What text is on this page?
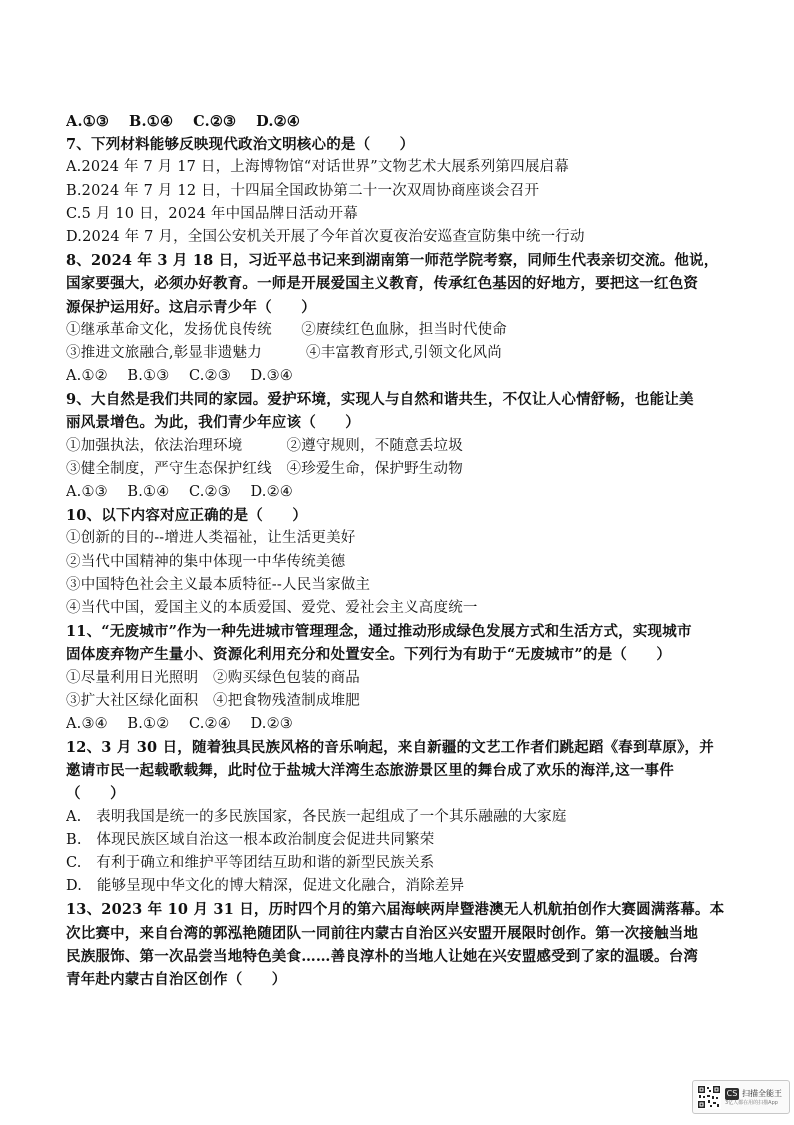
A.①③　 B.①④　 C.②③　 D.②④
7、下列材料能够反映现代政治文明核心的是（　　）
A.2024 年 7 月 17 日，上海博物馆“对话世界”文物艺术大展系列第四展启幕
B.2024 年 7 月 12 日，十四届全国政协第二十一次双周协商座谈会召开
C.5 月 10 日，2024 年中国品牌日活动开幕
D.2024 年 7 月，全国公安机关开展了今年首次夏夜治安巡查宣防集中统一行动
8、2024 年 3 月 18 日，习近平总书记来到湖南第一师范学院考察，同师生代表亲切交流。他说，
国家要强大，必须办好教育。一师是开展爱国主义教育，传承红色基因的好地方，要把这一红色资
源保护运用好。这启示青少年（　　）
①继承革命文化，发扬优良传统　　②赓续红色血脉，担当时代使命
③推进文旅融合,彰显非遗魅力　　　④丰富教育形式,引领文化风尚
A.①②　 B.①③　 C.②③　 D.③④
9、大自然是我们共同的家园。爱护环境，实现人与自然和谐共生，不仅让人心情舒畅，也能让美
丽风景增色。为此，我们青少年应该（　　）
①加强执法，依法治理环境　　　②遵守规则，不随意丢垃圾
③健全制度，严守生态保护红线　④珍爱生命，保护野生动物
A.①③　 B.①④　 C.②③　 D.②④
10、以下内容对应正确的是（　　）
①创新的目的--增进人类福祉，让生活更美好
②当代中国精神的集中体现一中华传统美德
③中国特色社会主义最本质特征--人民当家做主
④当代中国，爱国主义的本质爱国、爱党、爱社会主义高度统一
11、“无废城市”作为一种先进城市管理理念，通过推动形成绿色发展方式和生活方式，实现城市
固体废弃物产生量小、资源化利用充分和处置安全。下列行为有助于“无废城市”的是（　　）
①尽量利用日光照明　②购买绿色包装的商品
③扩大社区绿化面积　④把食物残渣制成堆肥
A.③④　 B.①②　 C.②④　 D.②③
12、3 月 30 日，随着独具民族风格的音乐响起，来自新疆的文艺工作者们跳起蹈《春到草原》，并
邀请市民一起载歌载舞，此时位于盐城大洋湾生态旅游景区里的舞台成了欢乐的海洋,这一事件
（　　）
A.　表明我国是统一的多民族国家，各民族一起组成了一个其乐融融的大家庭
B.　体现民族区域自治这一根本政治制度会促进共同繁荣
C.　有利于确立和维护平等团结互助和谐的新型民族关系
D.　能够呈现中华文化的博大精深，促进文化融合，消除差异
13、2023 年 10 月 31 日，历时四个月的第六届海峡两岸暨港澳无人机航拍创作大赛圆满落幕。本
次比赛中，来自台湾的郭泓艳随团队一同前往内蒙古自治区兴安盟开展限时创作。第一次接触当地
民族服饰、第一次品尝当地特色美食……善良淳朴的当地人让她在兴安盟感受到了家的温暖。台湾
青年赴内蒙古自治区创作（　　）
CS 扫描全能王
3亿人都在用的扫描App
